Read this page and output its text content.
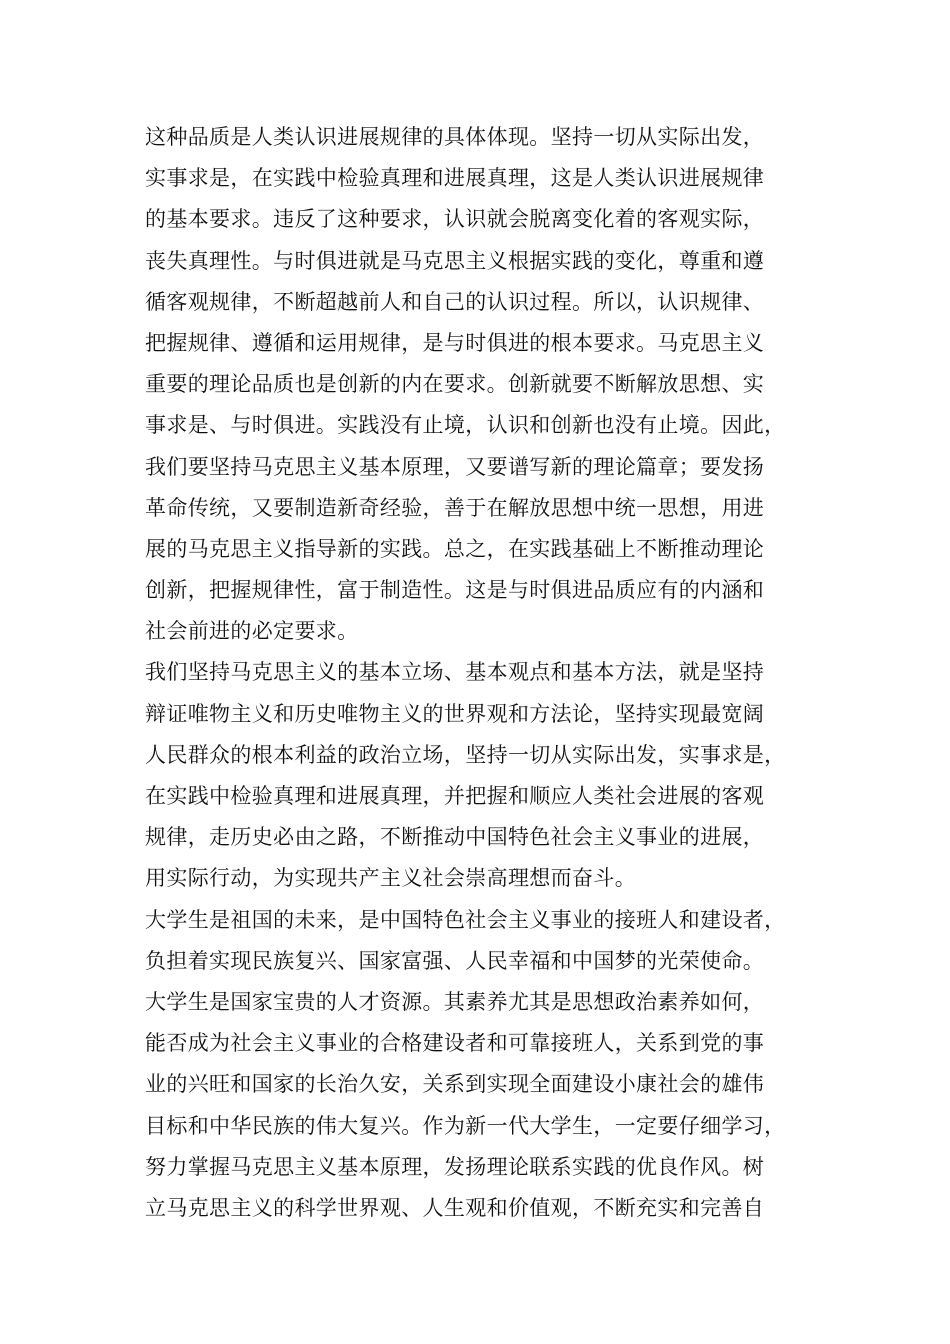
这种品质是人类认识进展规律的具体体现。坚持一切从实际出发，
实事求是，在实践中检验真理和进展真理，这是人类认识进展规律
的基本要求。违反了这种要求，认识就会脱离变化着的客观实际，
丧失真理性。与时俱进就是马克思主义根据实践的变化，尊重和遵
循客观规律，不断超越前人和自己的认识过程。所以，认识规律、
把握规律、遵循和运用规律，是与时俱进的根本要求。马克思主义
重要的理论品质也是创新的内在要求。创新就要不断解放思想、实
事求是、与时俱进。实践没有止境，认识和创新也没有止境。因此，
我们要坚持马克思主义基本原理，又要谱写新的理论篇章；要发扬
革命传统，又要制造新奇经验，善于在解放思想中统一思想，用进
展的马克思主义指导新的实践。总之，在实践基础上不断推动理论
创新，把握规律性，富于制造性。这是与时俱进品质应有的内涵和
社会前进的必定要求。
我们坚持马克思主义的基本立场、基本观点和基本方法，就是坚持
辩证唯物主义和历史唯物主义的世界观和方法论，坚持实现最宽阔
人民群众的根本利益的政治立场，坚持一切从实际出发，实事求是，
在实践中检验真理和进展真理，并把握和顺应人类社会进展的客观
规律，走历史必由之路，不断推动中国特色社会主义事业的进展，
用实际行动，为实现共产主义社会崇高理想而奋斗。
大学生是祖国的未来，是中国特色社会主义事业的接班人和建设者，
负担着实现民族复兴、国家富强、人民幸福和中国梦的光荣使命。
大学生是国家宝贵的人才资源。其素养尤其是思想政治素养如何，
能否成为社会主义事业的合格建设者和可靠接班人，关系到党的事
业的兴旺和国家的长治久安，关系到实现全面建设小康社会的雄伟
目标和中华民族的伟大复兴。作为新一代大学生，一定要仔细学习，
努力掌握马克思主义基本原理，发扬理论联系实践的优良作风。树
立马克思主义的科学世界观、人生观和价值观，不断充实和完善自
